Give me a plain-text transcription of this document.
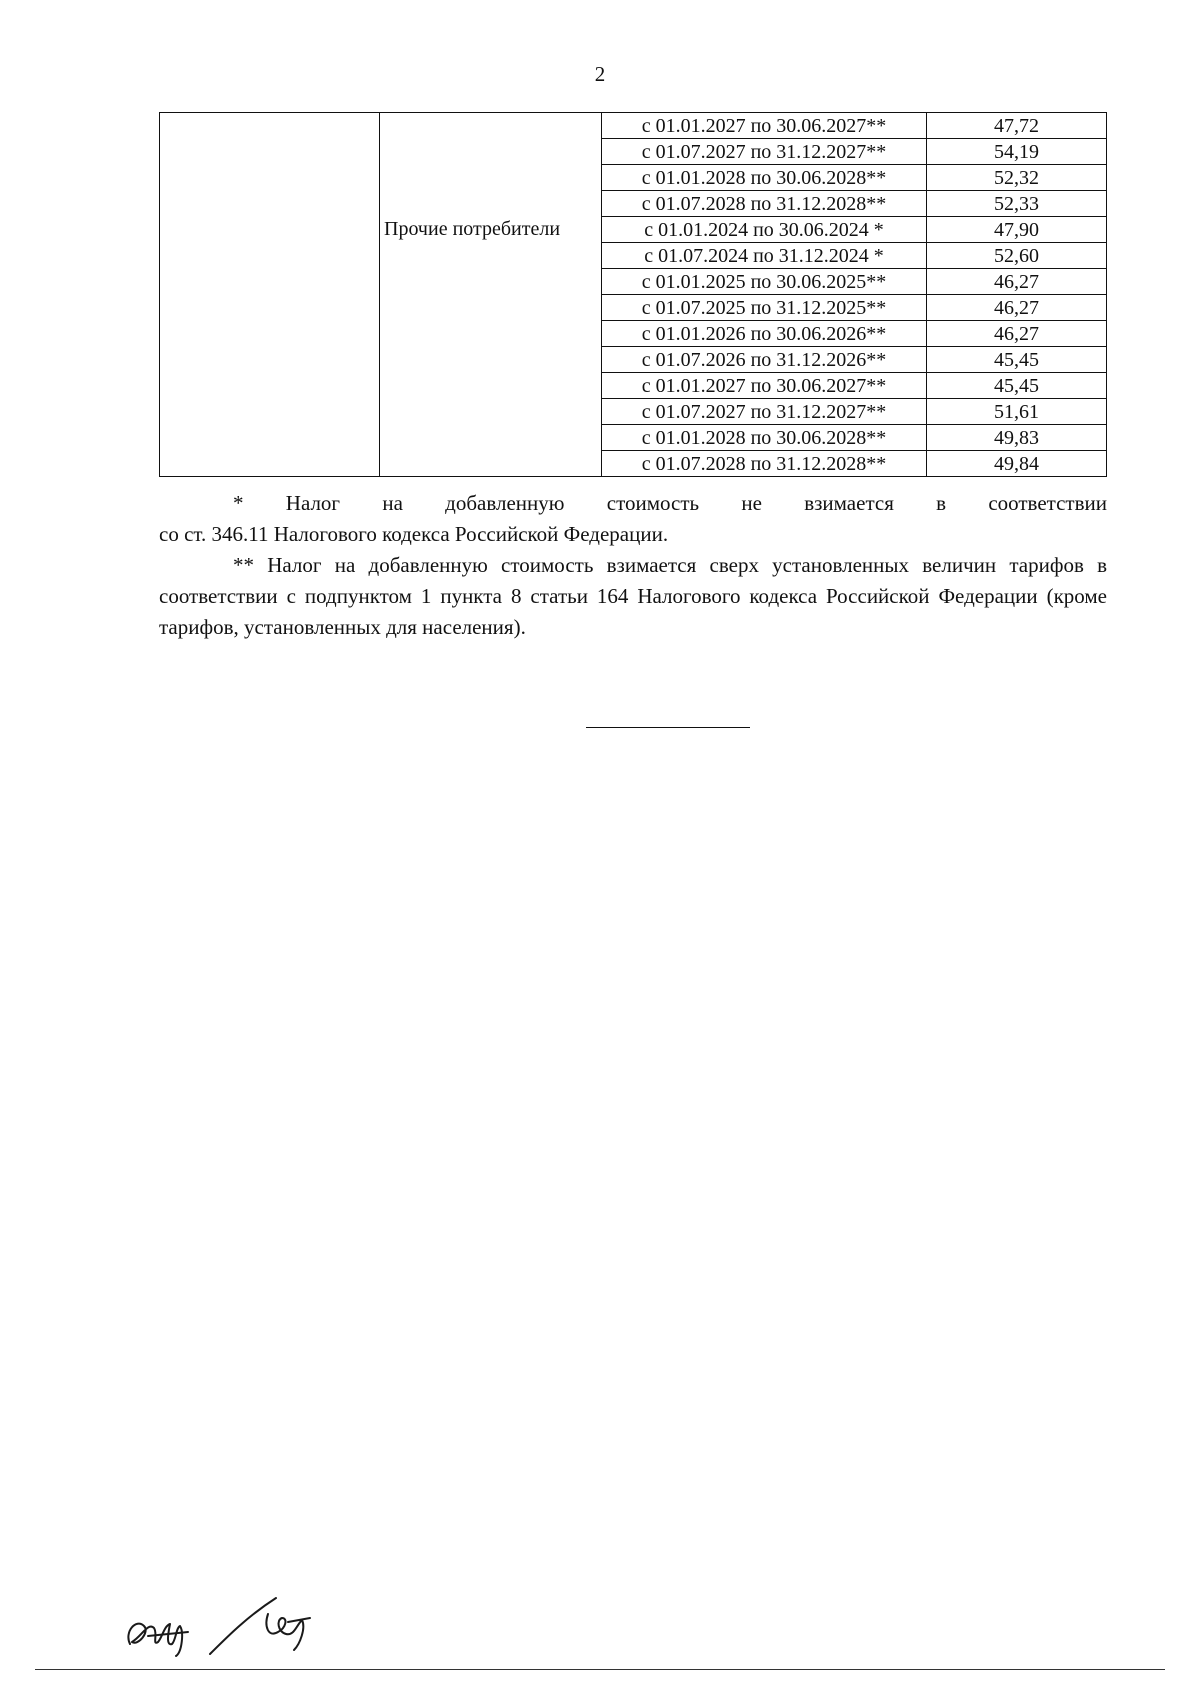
2
		с 01.01.2027 по 30.06.2027**	47,72
		с 01.07.2027 по 31.12.2027**	54,19
		с 01.01.2028 по 30.06.2028**	52,32
		с 01.07.2028 по 31.12.2028**	52,33
	Прочие потребители	с 01.01.2024 по 30.06.2024 *	47,90
		с 01.07.2024 по 31.12.2024 *	52,60
		с 01.01.2025 по 30.06.2025**	46,27
		с 01.07.2025 по 31.12.2025**	46,27
		с 01.01.2026 по 30.06.2026**	46,27
		с 01.07.2026 по 31.12.2026**	45,45
		с 01.01.2027 по 30.06.2027**	45,45
		с 01.07.2027 по 31.12.2027**	51,61
		с 01.01.2028 по 30.06.2028**	49,83
		с 01.07.2028 по 31.12.2028**	49,84

* Налог на добавленную стоимость не взимается в соответствии
со ст. 346.11 Налогового кодекса Российской Федерации.

** Налог на добавленную стоимость взимается сверх установленных величин тарифов в соответствии с подпунктом 1 пункта 8 статьи 164 Налогового кодекса Российской Федерации (кроме тарифов, установленных для населения).
